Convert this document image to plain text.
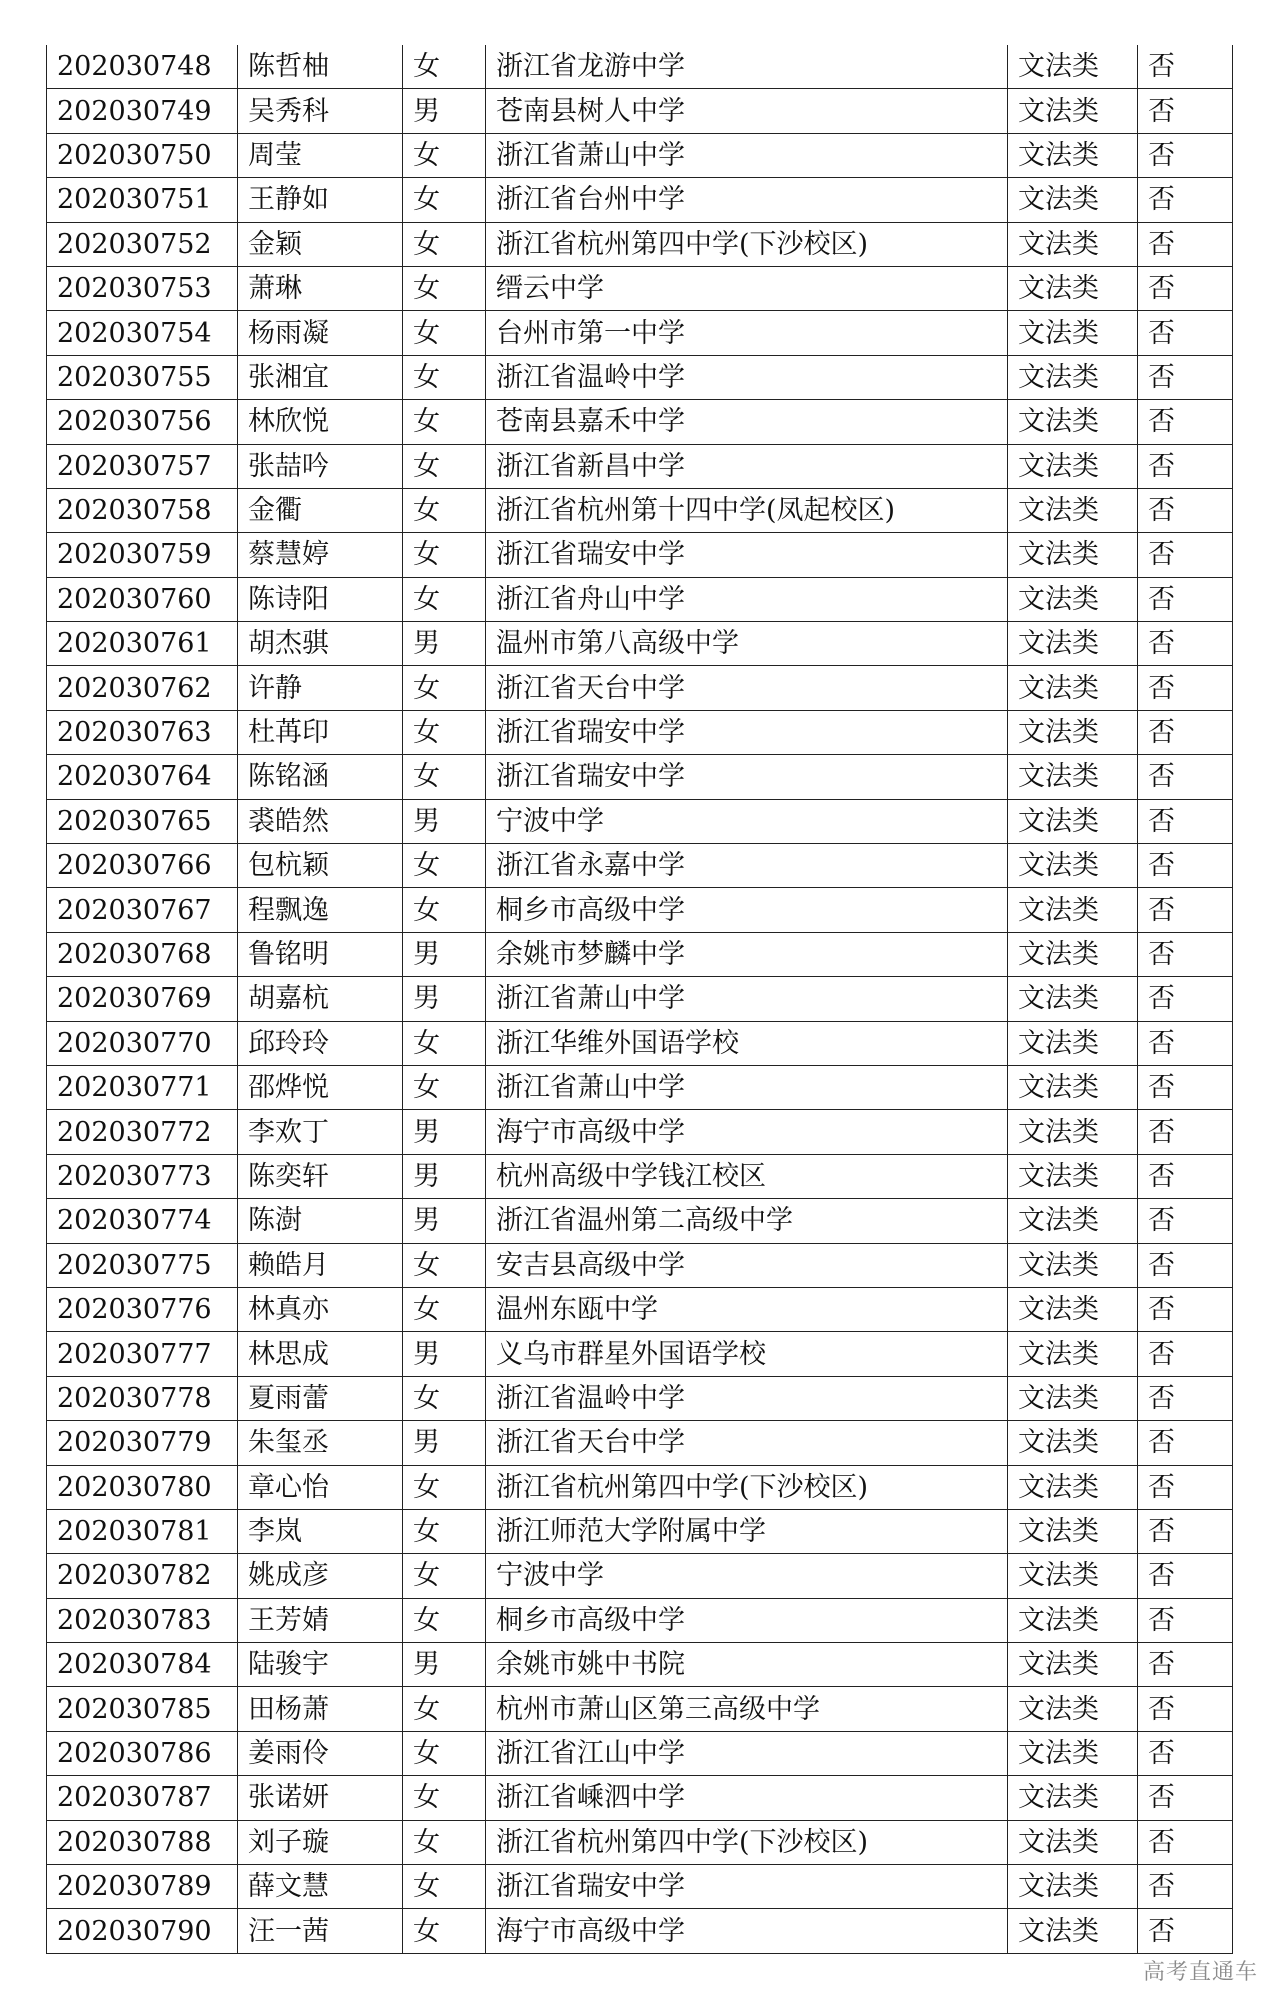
202030748	陈哲柚	女	浙江省龙游中学	文法类	否
202030749	吴秀科	男	苍南县树人中学	文法类	否
202030750	周莹	女	浙江省萧山中学	文法类	否
202030751	王静如	女	浙江省台州中学	文法类	否
202030752	金颖	女	浙江省杭州第四中学(下沙校区)	文法类	否
202030753	萧琳	女	缙云中学	文法类	否
202030754	杨雨凝	女	台州市第一中学	文法类	否
202030755	张湘宜	女	浙江省温岭中学	文法类	否
202030756	林欣悦	女	苍南县嘉禾中学	文法类	否
202030757	张喆吟	女	浙江省新昌中学	文法类	否
202030758	金衢	女	浙江省杭州第十四中学(凤起校区)	文法类	否
202030759	蔡慧婷	女	浙江省瑞安中学	文法类	否
202030760	陈诗阳	女	浙江省舟山中学	文法类	否
202030761	胡杰骐	男	温州市第八高级中学	文法类	否
202030762	许静	女	浙江省天台中学	文法类	否
202030763	杜苒印	女	浙江省瑞安中学	文法类	否
202030764	陈铭涵	女	浙江省瑞安中学	文法类	否
202030765	裘皓然	男	宁波中学	文法类	否
202030766	包杭颖	女	浙江省永嘉中学	文法类	否
202030767	程飘逸	女	桐乡市高级中学	文法类	否
202030768	鲁铭明	男	余姚市梦麟中学	文法类	否
202030769	胡嘉杭	男	浙江省萧山中学	文法类	否
202030770	邱玲玲	女	浙江华维外国语学校	文法类	否
202030771	邵烨悦	女	浙江省萧山中学	文法类	否
202030772	李欢丁	男	海宁市高级中学	文法类	否
202030773	陈奕轩	男	杭州高级中学钱江校区	文法类	否
202030774	陈澍	男	浙江省温州第二高级中学	文法类	否
202030775	赖皓月	女	安吉县高级中学	文法类	否
202030776	林真亦	女	温州东瓯中学	文法类	否
202030777	林思成	男	义乌市群星外国语学校	文法类	否
202030778	夏雨蕾	女	浙江省温岭中学	文法类	否
202030779	朱玺丞	男	浙江省天台中学	文法类	否
202030780	章心怡	女	浙江省杭州第四中学(下沙校区)	文法类	否
202030781	李岚	女	浙江师范大学附属中学	文法类	否
202030782	姚成彦	女	宁波中学	文法类	否
202030783	王芳婧	女	桐乡市高级中学	文法类	否
202030784	陆骏宇	男	余姚市姚中书院	文法类	否
202030785	田杨萧	女	杭州市萧山区第三高级中学	文法类	否
202030786	姜雨伶	女	浙江省江山中学	文法类	否
202030787	张诺妍	女	浙江省嵊泗中学	文法类	否
202030788	刘子璇	女	浙江省杭州第四中学(下沙校区)	文法类	否
202030789	薛文慧	女	浙江省瑞安中学	文法类	否
202030790	汪一茜	女	海宁市高级中学	文法类	否
高考直通车
